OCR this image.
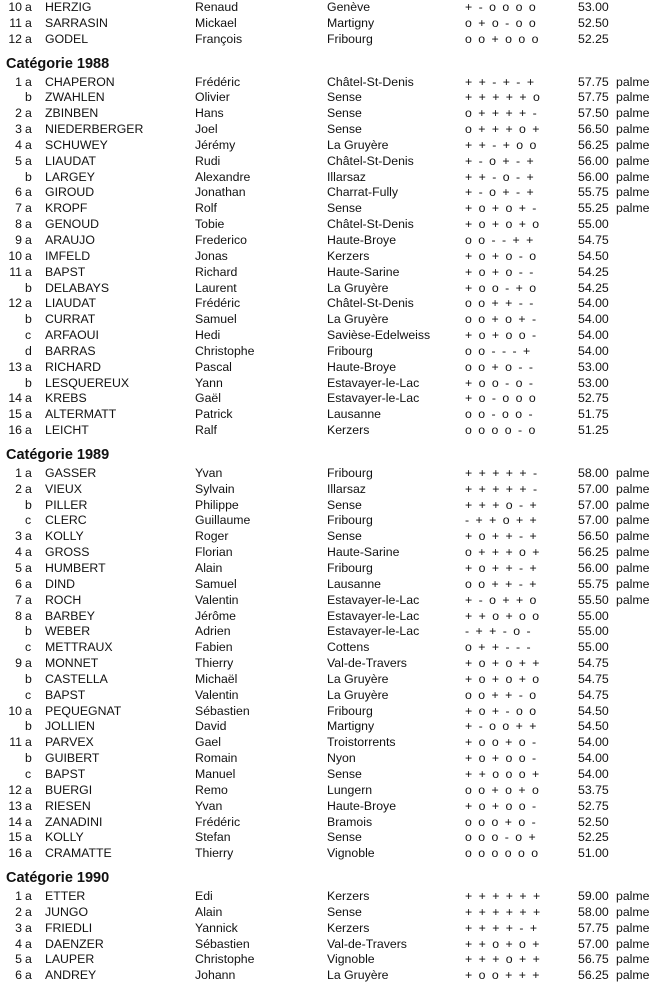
10 a	HERZIG	Renaud	Genève	+ - o o o o	53.00
11 a	SARRASIN	Mickael	Martigny	o + o - o o	52.50
12 a	GODEL	François	Fribourg	o o + o o o	52.25
Catégorie 1988
1 a	CHAPERON	Frédéric	Châtel-St-Denis	+ + - + - +	57.75 palme
b	ZWAHLEN	Olivier	Sense	+ + + + + o	57.75 palme
2 a	ZBINBEN	Hans	Sense	o + + + + -	57.50 palme
3 a	NIEDERBERGER	Joel	Sense	o + + + o +	56.50 palme
4 a	SCHUWEY	Jérémy	La Gruyère	+ + - + o o	56.25 palme
5 a	LIAUDAT	Rudi	Châtel-St-Denis	+ - o + - +	56.00 palme
b	LARGEY	Alexandre	Illarsaz	+ + - o - +	56.00 palme
6 a	GIROUD	Jonathan	Charrat-Fully	+ - o + - +	55.75 palme
7 a	KROPF	Rolf	Sense	+ o + o + -	55.25 palme
8 a	GENOUD	Tobie	Châtel-St-Denis	+ o + o + o	55.00
9 a	ARAUJO	Frederico	Haute-Broye	o o - - + +	54.75
10 a	IMFELD	Jonas	Kerzers	+ o + o - o	54.50
11 a	BAPST	Richard	Haute-Sarine	+ o + o - -	54.25
b	DELABAYS	Laurent	La Gruyère	+ o o - + o	54.25
12 a	LIAUDAT	Frédéric	Châtel-St-Denis	o o + + - -	54.00
b	CURRAT	Samuel	La Gruyère	o o + o + -	54.00
c	ARFAOUI	Hedi	Savièse-Edelweiss	+ o + o o -	54.00
d	BARRAS	Christophe	Fribourg	o o - - - +	54.00
13 a	RICHARD	Pascal	Haute-Broye	o o + o - -	53.00
b	LESQUEREUX	Yann	Estavayer-le-Lac	+ o o - o -	53.00
14 a	KREBS	Gaël	Estavayer-le-Lac	+ o - o o o	52.75
15 a	ALTERMATT	Patrick	Lausanne	o o - o o -	51.75
16 a	LEICHT	Ralf	Kerzers	o o o o - o	51.25
Catégorie 1989
1 a	GASSER	Yvan	Fribourg	+ + + + + -	58.00 palme
2 a	VIEUX	Sylvain	Illarsaz	+ + + + + -	57.00 palme
b	PILLER	Philippe	Sense	+ + + o - +	57.00 palme
c	CLERC	Guillaume	Fribourg	- + + o + +	57.00 palme
3 a	KOLLY	Roger	Sense	+ o + + - +	56.50 palme
4 a	GROSS	Florian	Haute-Sarine	o + + + o +	56.25 palme
5 a	HUMBERT	Alain	Fribourg	+ o + + - +	56.00 palme
6 a	DIND	Samuel	Lausanne	o o + + - +	55.75 palme
7 a	ROCH	Valentin	Estavayer-le-Lac	+ - o + + o	55.50 palme
8 a	BARBEY	Jérôme	Estavayer-le-Lac	+ + o + o o	55.00
b	WEBER	Adrien	Estavayer-le-Lac	- + + - o -	55.00
c	METTRAUX	Fabien	Cottens	o + + - - -	55.00
9 a	MONNET	Thierry	Val-de-Travers	+ o + o + +	54.75
b	CASTELLA	Michaël	La Gruyère	+ o + o + o	54.75
c	BAPST	Valentin	La Gruyère	o o + + - o	54.75
10 a	PEQUEGNAT	Sébastien	Fribourg	+ o + - o o	54.50
b	JOLLIEN	David	Martigny	+ - o o + +	54.50
11 a	PARVEX	Gael	Troistorrents	+ o o + o -	54.00
b	GUIBERT	Romain	Nyon	+ o + o o -	54.00
c	BAPST	Manuel	Sense	+ + o o o +	54.00
12 a	BUERGI	Remo	Lungern	o o + o + o	53.75
13 a	RIESEN	Yvan	Haute-Broye	+ o + o o -	52.75
14 a	ZANADINI	Frédéric	Bramois	o o o + o -	52.50
15 a	KOLLY	Stefan	Sense	o o o - o +	52.25
16 a	CRAMATTE	Thierry	Vignoble	o o o o o o	51.00
Catégorie 1990
1 a	ETTER	Edi	Kerzers	+ + + + + +	59.00 palme
2 a	JUNGO	Alain	Sense	+ + + + + +	58.00 palme
3 a	FRIEDLI	Yannick	Kerzers	+ + + + - +	57.75 palme
4 a	DAENZER	Sébastien	Val-de-Travers	+ + o + o +	57.00 palme
5 a	LAUPER	Christophe	Vignoble	+ + + o + +	56.75 palme
6 a	ANDREY	Johann	La Gruyère	+ o o + + +	56.25 palme
